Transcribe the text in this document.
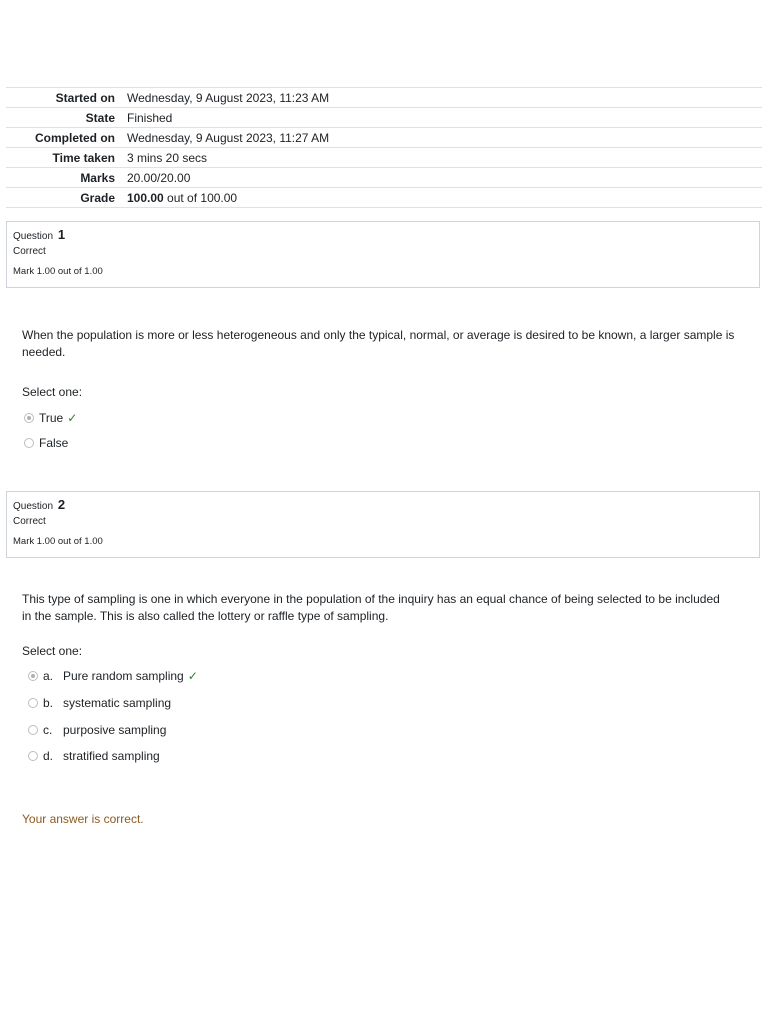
Started on	Wednesday, 9 August 2023, 11:23 AM
State	Finished
Completed on	Wednesday, 9 August 2023, 11:27 AM
Time taken	3 mins 20 secs
Marks	20.00/20.00
Grade	100.00 out of 100.00
Question 1
Correct
Mark 1.00 out of 1.00
When the population is more or less heterogeneous and only the typical, normal, or average is desired to be known, a larger sample is needed.
Select one:
True ✓
False
Question 2
Correct
Mark 1.00 out of 1.00
This type of sampling is one in which everyone in the population of the inquiry has an equal chance of being selected to be included in the sample. This is also called the lottery or raffle type of sampling.
Select one:
a. Pure random sampling ✓
b. systematic sampling
c. purposive sampling
d. stratified sampling
Your answer is correct.
